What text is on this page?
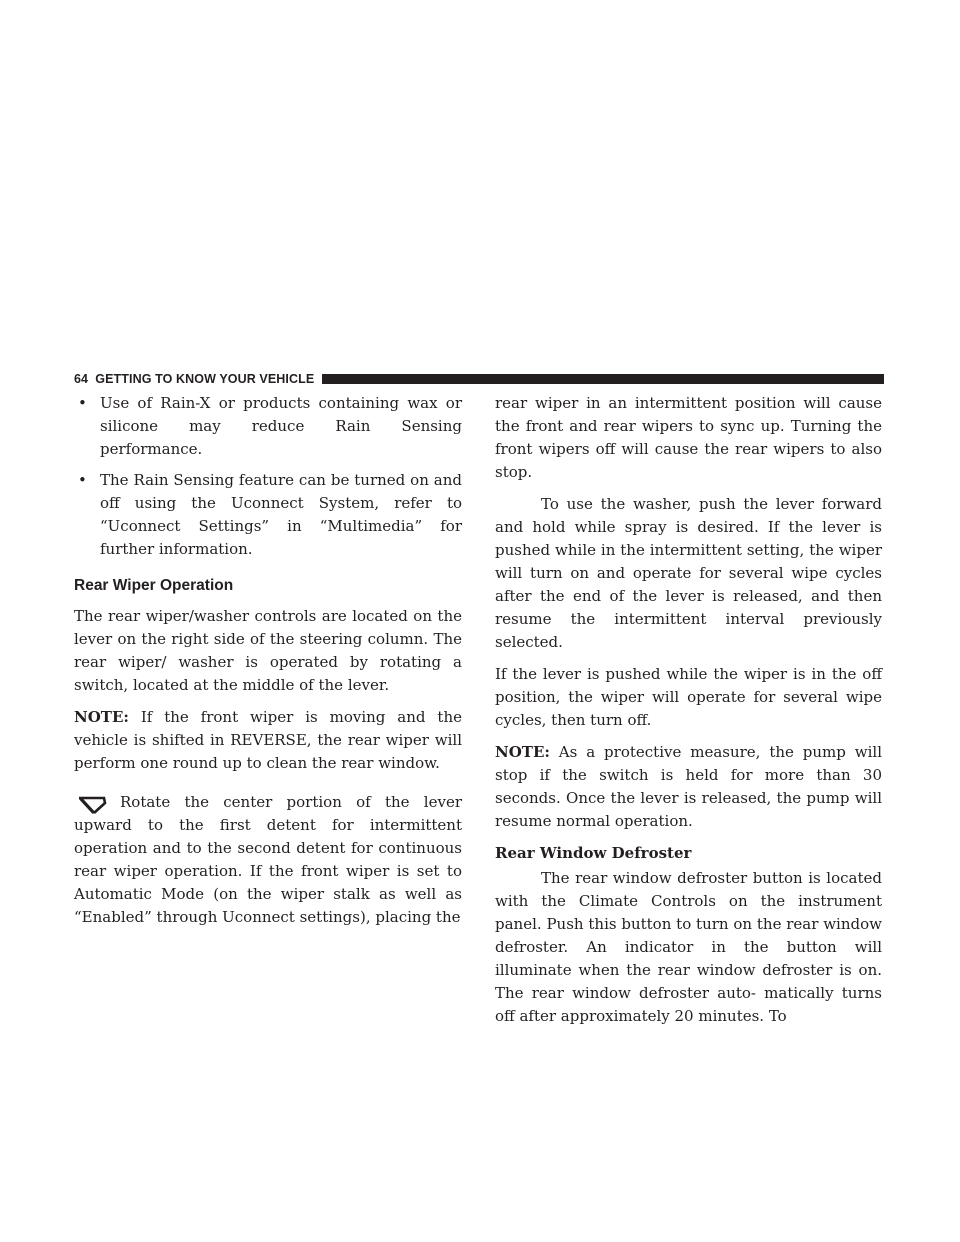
64 GETTING TO KNOW YOUR VEHICLE
• Use of Rain-X or products containing wax or silicone may reduce Rain Sensing performance.
• The Rain Sensing feature can be turned on and off using the Uconnect System, refer to “Uconnect Settings” in “Multimedia” for further information.
Rear Wiper Operation

The rear wiper/washer controls are located on the lever on the right side of the steering column. The rear wiper/ washer is operated by rotating a switch, located at the middle of the lever.

NOTE: If the front wiper is moving and the vehicle is shifted in REVERSE, the rear wiper will perform one round up to clean the rear window.

Rotate the center portion of the lever upward to the first detent for intermittent operation and to the second detent for continuous rear wiper operation. If the front wiper is set to Automatic Mode (on the wiper stalk as well as “Enabled” through Uconnect settings), placing the

rear wiper in an intermittent position will cause the front and rear wipers to sync up. Turning the front wipers off will cause the rear wipers to also stop.

To use the washer, push the lever forward and hold while spray is desired. If the lever is pushed while in the intermittent setting, the wiper will turn on and operate for several wipe cycles after the end of the lever is released, and then resume the intermittent interval previously selected.

If the lever is pushed while the wiper is in the off position, the wiper will operate for several wipe cycles, then turn off.

NOTE: As a protective measure, the pump will stop if the switch is held for more than 30 seconds. Once the lever is released, the pump will resume normal operation.

Rear Window Defroster

The rear window defroster button is located with the Climate Controls on the instrument panel. Push this button to turn on the rear window defroster. An indicator in the button will illuminate when the rear window defroster is on. The rear window defroster auto- matically turns off after approximately 20 minutes. To
